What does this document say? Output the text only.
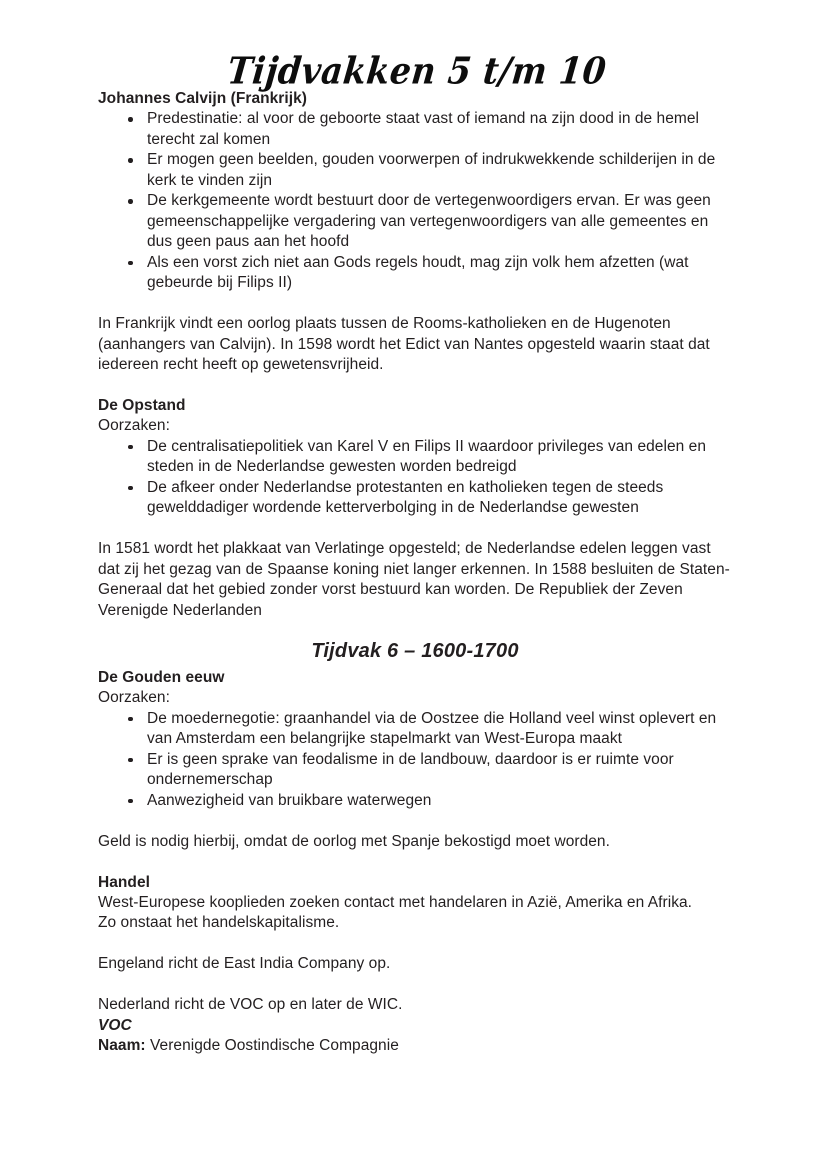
Tijdvakken 5 t/m 10
Johannes Calvijn (Frankrijk)
Predestinatie: al voor de geboorte staat vast of iemand na zijn dood in de hemel terecht zal komen
Er mogen geen beelden, gouden voorwerpen of indrukwekkende schilderijen in de kerk te vinden zijn
De kerkgemeente wordt bestuurt door de vertegenwoordigers ervan. Er was geen gemeenschappelijke vergadering van vertegenwoordigers van alle gemeentes en dus geen paus aan het hoofd
Als een vorst zich niet aan Gods regels houdt, mag zijn volk hem afzetten (wat gebeurde bij Filips II)

In Frankrijk vindt een oorlog plaats tussen de Rooms-katholieken en de Hugenoten (aanhangers van Calvijn). In 1598 wordt het Edict van Nantes opgesteld waarin staat dat iedereen recht heeft op gewetensvrijheid.

De Opstand

Oorzaken:

De centralisatiepolitiek van Karel V en Filips II waardoor privileges van edelen en steden in de Nederlandse gewesten worden bedreigd
De afkeer onder Nederlandse protestanten en katholieken tegen de steeds gewelddadiger wordende ketterverbolging in de Nederlandse gewesten

In 1581 wordt het plakkaat van Verlatinge opgesteld; de Nederlandse edelen leggen vast dat zij het gezag van de Spaanse koning niet langer erkennen. In 1588 besluiten de Staten-Generaal dat het gebied zonder vorst bestuurd kan worden. De Republiek der Zeven Verenigde Nederlanden

Tijdvak 6 – 1600-1700
De Gouden eeuw

Oorzaken:

De moedernegotie: graanhandel via de Oostzee die Holland veel winst oplevert en van Amsterdam een belangrijke stapelmarkt van West-Europa maakt
Er is geen sprake van feodalisme in de landbouw, daardoor is er ruimte voor ondernemerschap
Aanwezigheid van bruikbare waterwegen

Geld is nodig hierbij, omdat de oorlog met Spanje bekostigd moet worden.

Handel

West-Europese kooplieden zoeken contact met handelaren in Azië, Amerika en Afrika.

Zo onstaat het handelskapitalisme.

Engeland richt de East India Company op.

Nederland richt de VOC op en later de WIC.

VOC

Naam: Verenigde Oostindische Compagnie
